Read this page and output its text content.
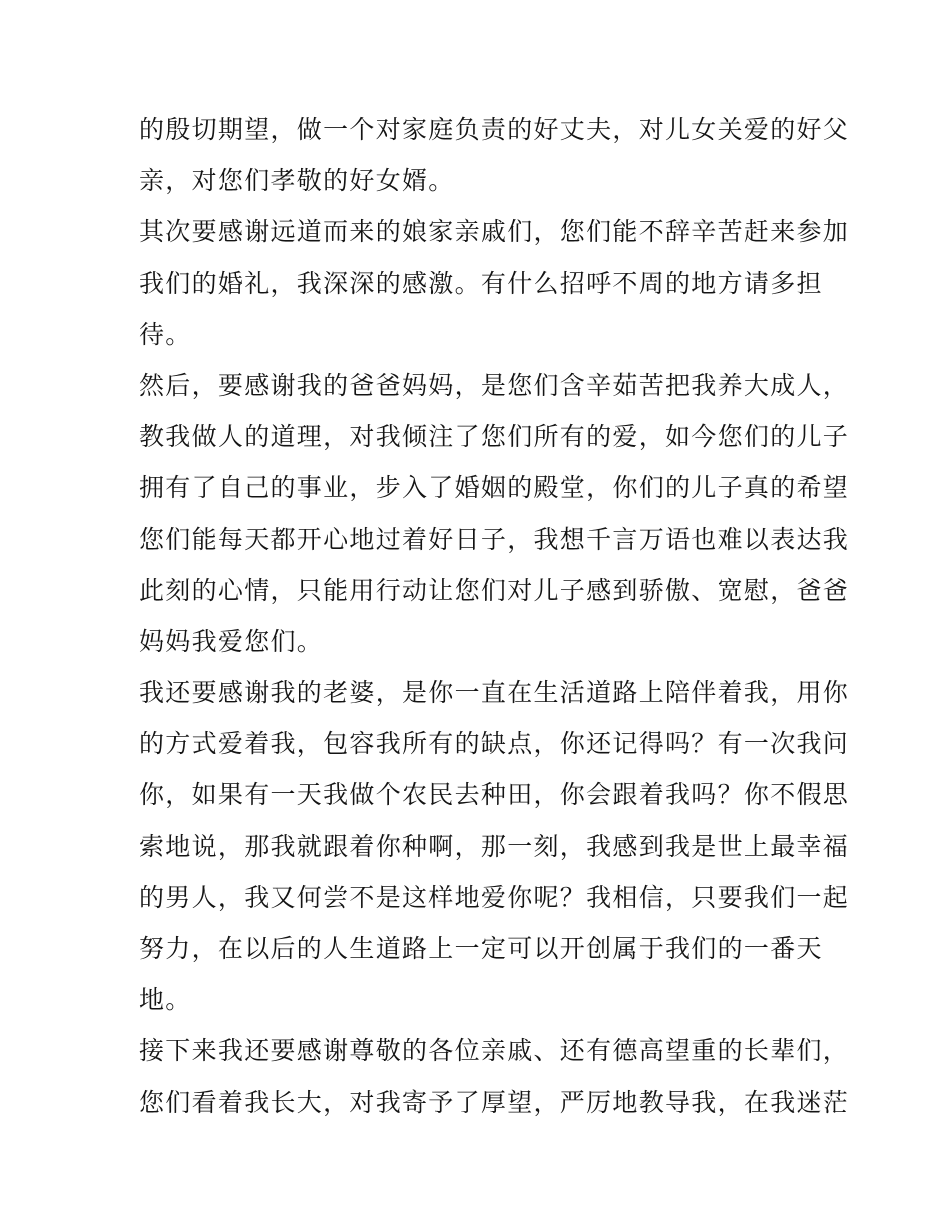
的殷切期望，做一个对家庭负责的好丈夫，对儿女关爱的好父
亲，对您们孝敬的好女婿。
其次要感谢远道而来的娘家亲戚们，您们能不辞辛苦赶来参加
我们的婚礼，我深深的感激。有什么招呼不周的地方请多担
待。
然后，要感谢我的爸爸妈妈，是您们含辛茹苦把我养大成人，
教我做人的道理，对我倾注了您们所有的爱，如今您们的儿子
拥有了自己的事业，步入了婚姻的殿堂，你们的儿子真的希望
您们能每天都开心地过着好日子，我想千言万语也难以表达我
此刻的心情，只能用行动让您们对儿子感到骄傲、宽慰，爸爸
妈妈我爱您们。
我还要感谢我的老婆，是你一直在生活道路上陪伴着我，用你
的方式爱着我，包容我所有的缺点，你还记得吗？有一次我问
你，如果有一天我做个农民去种田，你会跟着我吗？你不假思
索地说，那我就跟着你种啊，那一刻，我感到我是世上最幸福
的男人，我又何尝不是这样地爱你呢？我相信，只要我们一起
努力，在以后的人生道路上一定可以开创属于我们的一番天
地。
接下来我还要感谢尊敬的各位亲戚、还有德高望重的长辈们，
您们看着我长大，对我寄予了厚望，严厉地教导我，在我迷茫
